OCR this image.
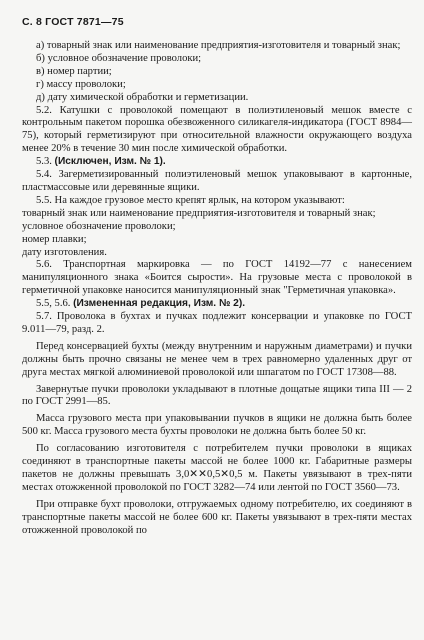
С. 8 ГОСТ 7871—75

а) товарный знак или наименование предприятия-изготовителя и товарный знак;

б) условное обозначение проволоки;

в) номер партии;

г) массу проволоки;

д) дату химической обработки и герметизации.

5.2. Катушки с проволокой помещают в полиэтиленовый мешок вместе с контрольным пакетом порошка обезвоженного силикагеля-индикатора (ГОСТ 8984—75), который герметизируют при относительной влажности окружающего воздуха менее 20% в течение 30 мин после химической обработки.

5.3. (Исключен, Изм. № 1).

5.4. Загерметизированный полиэтиленовый мешок упаковывают в картонные, пластмассовые или деревянные ящики.

5.5. На каждое грузовое место крепят ярлык, на котором указывают:

товарный знак или наименование предприятия-изготовителя и товарный знак;

условное обозначение проволоки;

номер плавки;

дату изготовления.

5.6. Транспортная маркировка — по ГОСТ 14192—77 с нанесением манипуляционного знака «Боится сырости». На грузовые места с проволокой в герметичной упаковке наносится манипуляционный знак "Герметичная упаковка».

5.5, 5.6. (Измененная редакция, Изм. № 2).

5.7. Проволока в бухтах и пучках подлежит консервации и упаковке по ГОСТ 9.011—79, разд. 2.

Перед консервацией бухты (между внутренним и наружным диаметрами) и пучки должны быть прочно связаны не менее чем в трех равномерно удаленных друг от друга местах мягкой алюминиевой проволокой или шпагатом по ГОСТ 17308—88.

Завернутые пучки проволоки укладывают в плотные дощатые ящики типа III — 2 по ГОСТ 2991—85.

Масса грузового места при упаковывании пучков в ящики не должна быть более 500 кг. Масса грузового места бухты проволоки не должна быть более 50 кг.

По согласованию изготовителя с потребителем пучки проволоки в ящиках соединяют в транспортные пакеты массой не более 1000 кг. Габаритные размеры пакетов не должны превышать 3,0✕✕0,5✕0,5 м. Пакеты увязывают в трех-пяти местах отожженной проволокой по ГОСТ 3282—74 или лентой по ГОСТ 3560—73.

При отправке бухт проволоки, отгружаемых одному потребителю, их соединяют в транспортные пакеты массой не более 600 кг. Пакеты увязывают в трех-пяти местах отожженной проволокой по
